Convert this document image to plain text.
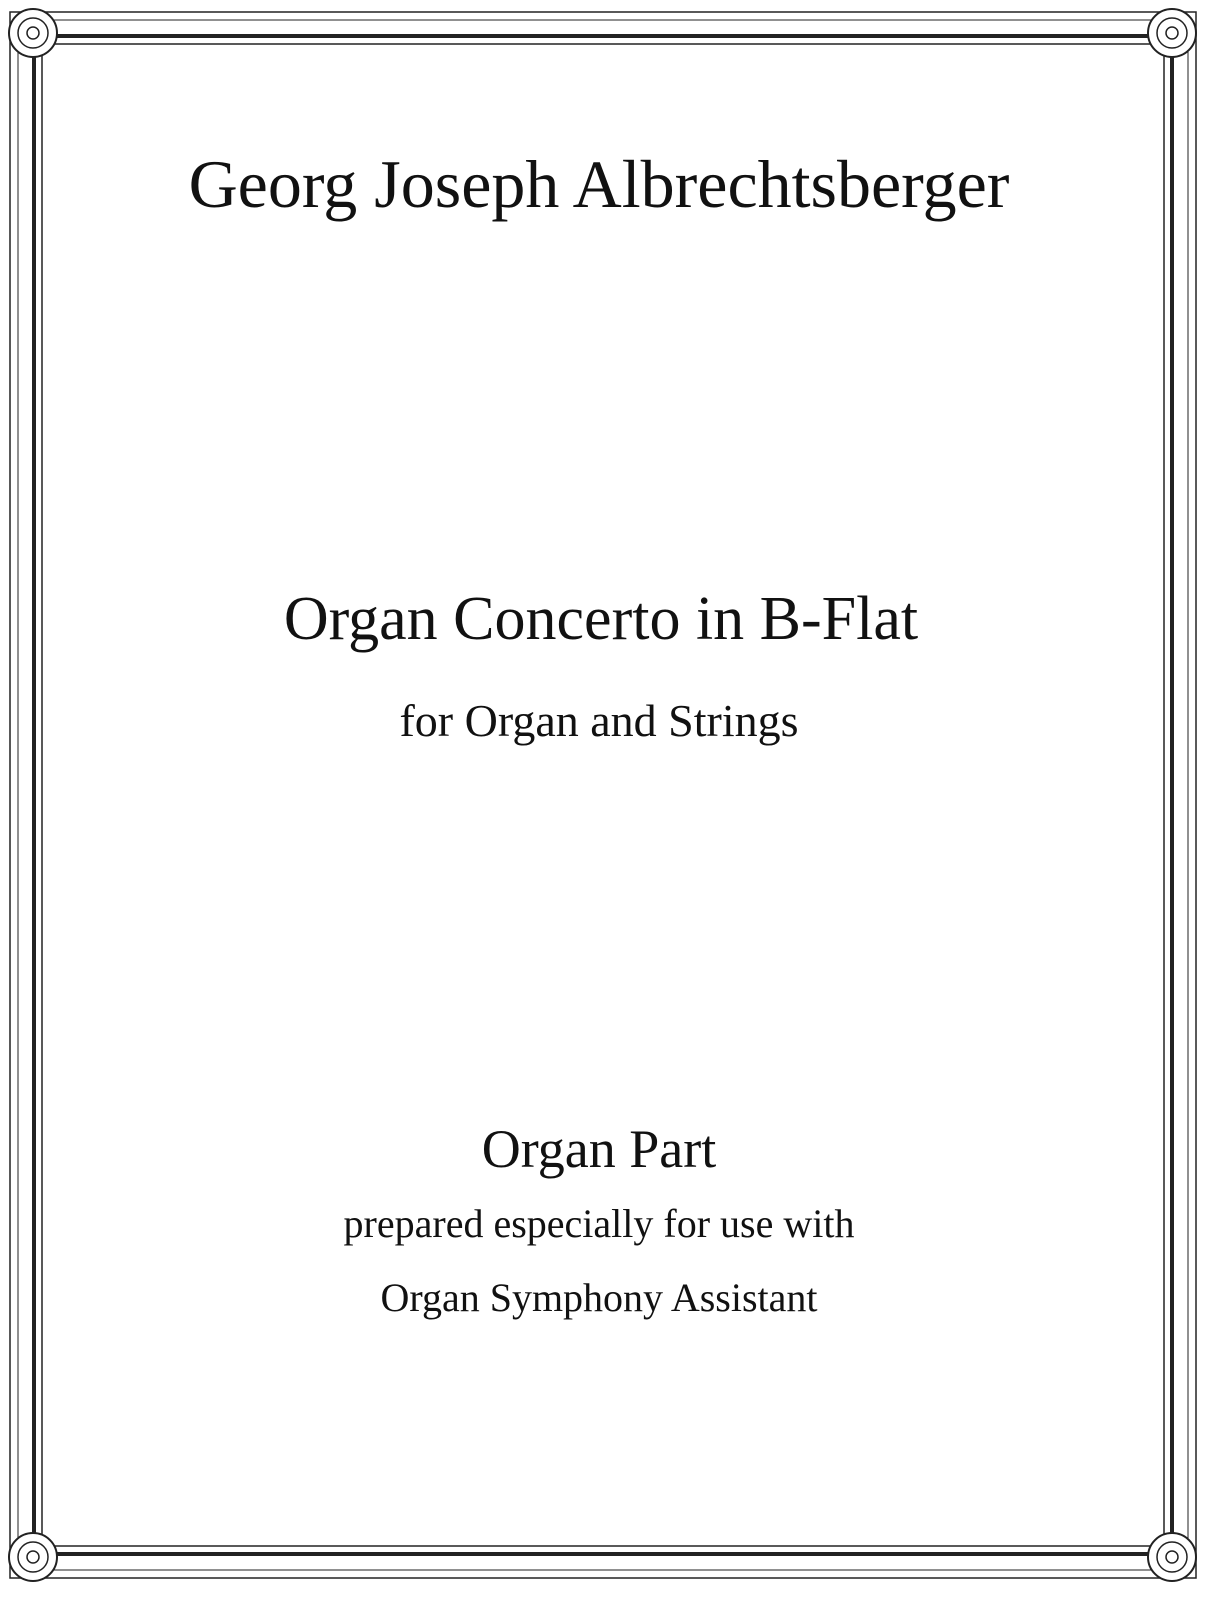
Georg Joseph Albrechtsberger
Organ Concerto in B-Flat
for Organ and Strings
Organ Part
prepared especially for use with
Organ Symphony Assistant
